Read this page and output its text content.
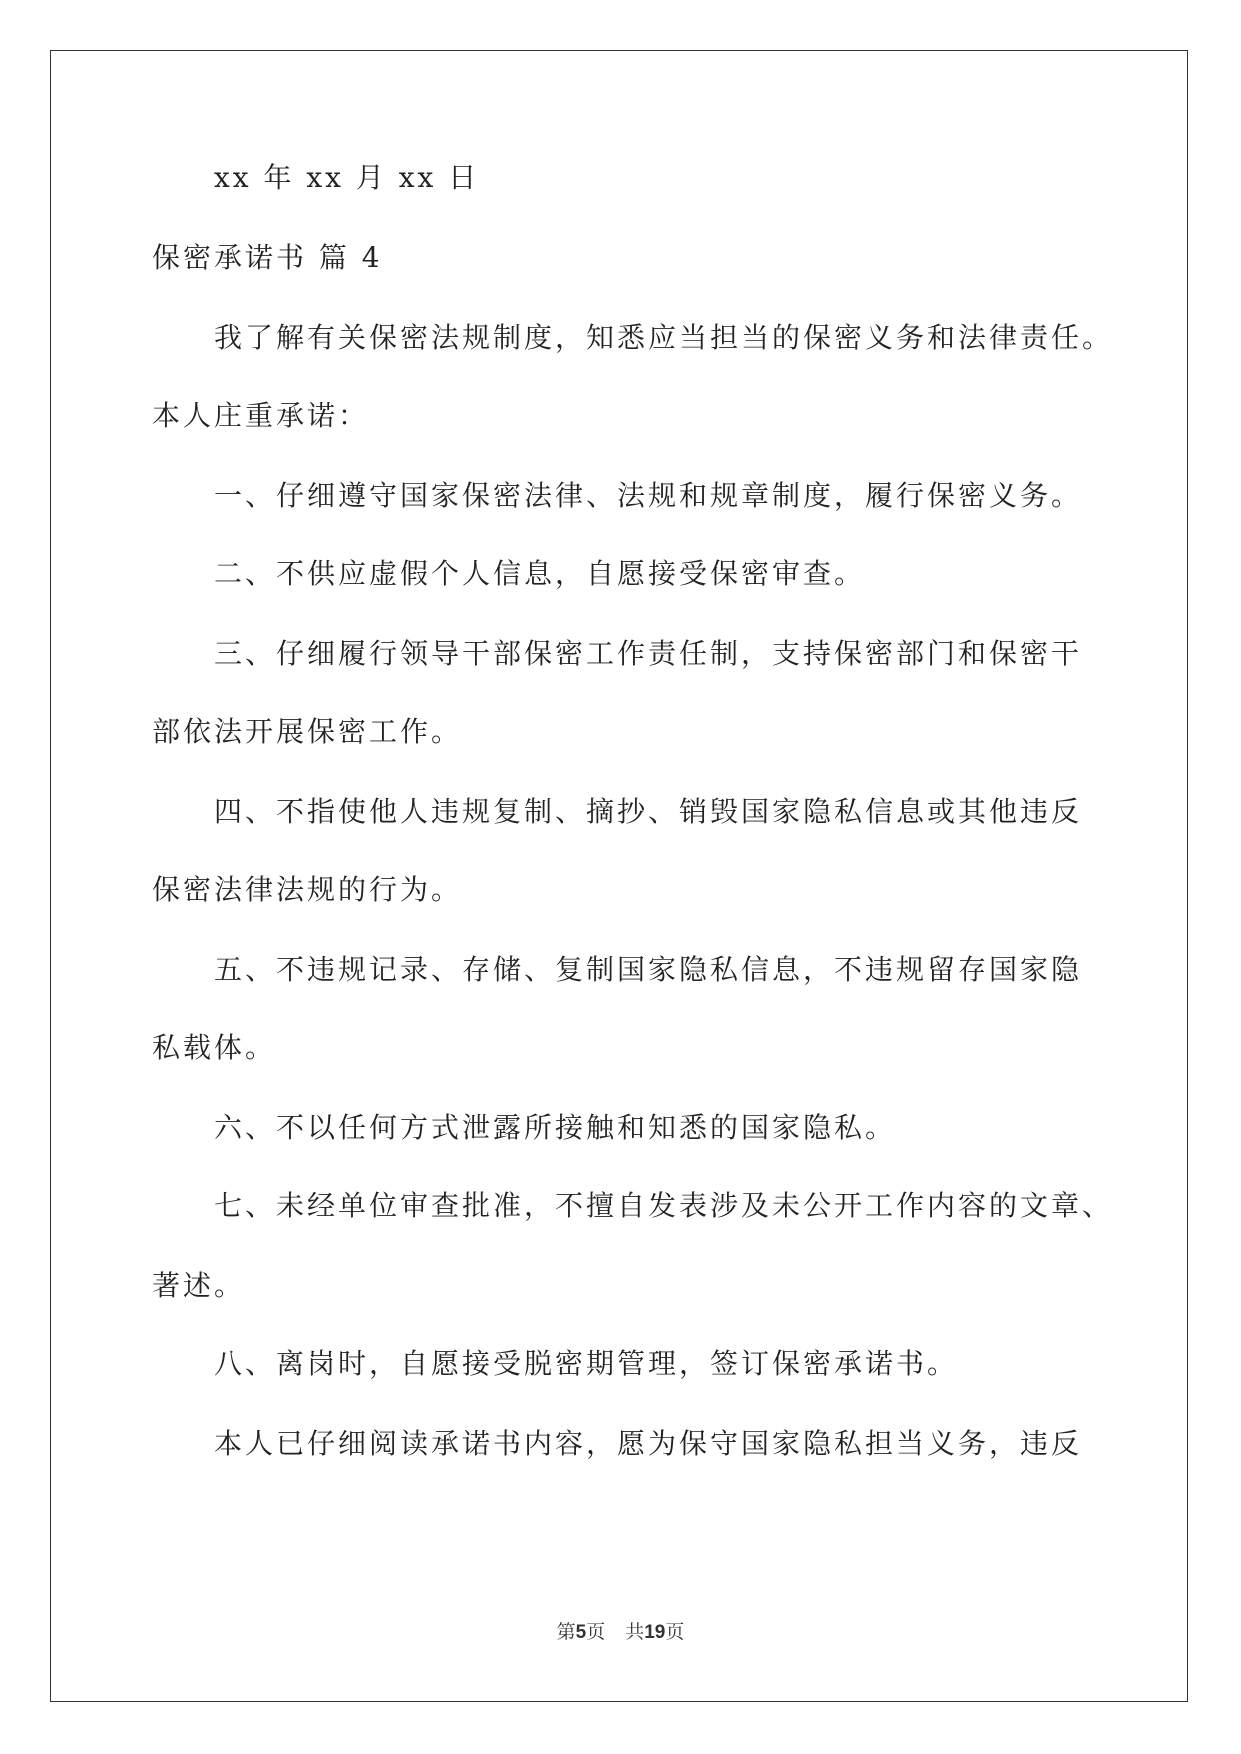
xx 年 xx 月 xx 日
保密承诺书 篇 4
我了解有关保密法规制度，知悉应当担当的保密义务和法律责任。
本人庄重承诺：
一、仔细遵守国家保密法律、法规和规章制度，履行保密义务。
二、不供应虚假个人信息，自愿接受保密审查。
三、仔细履行领导干部保密工作责任制，支持保密部门和保密干
部依法开展保密工作。
四、不指使他人违规复制、摘抄、销毁国家隐私信息或其他违反
保密法律法规的行为。
五、不违规记录、存储、复制国家隐私信息，不违规留存国家隐
私载体。
六、不以任何方式泄露所接触和知悉的国家隐私。
七、未经单位审查批准，不擅自发表涉及未公开工作内容的文章、
著述。
八、离岗时，自愿接受脱密期管理，签订保密承诺书。
本人已仔细阅读承诺书内容，愿为保守国家隐私担当义务，违反
第5页 共19页
